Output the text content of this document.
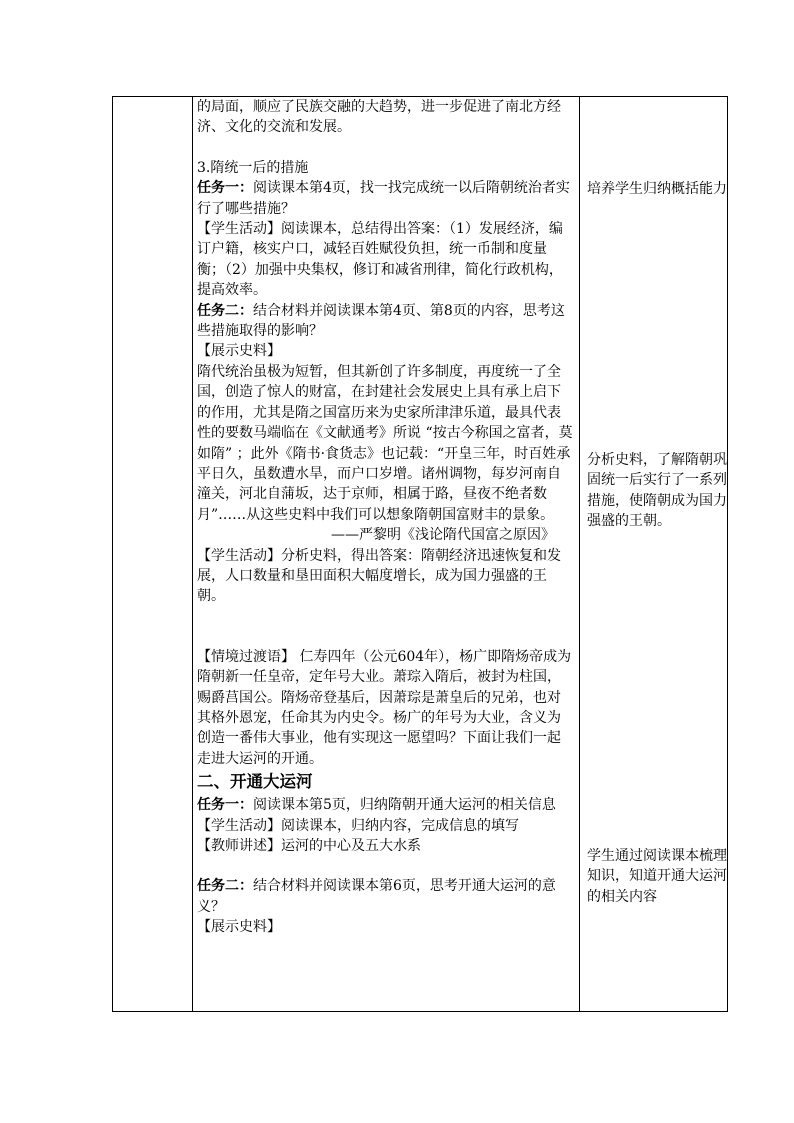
的局面，顺应了民族交融的大趋势，进一步促进了南北方经济、文化的交流和发展。

3.隋统一后的措施

任务一：阅读课本第4页，找一找完成统一以后隋朝统治者实行了哪些措施？

【学生活动】阅读课本，总结得出答案：（1）发展经济，编订户籍，核实户口，减轻百姓赋役负担，统一币制和度量衡；（2）加强中央集权，修订和减省刑律，简化行政机构，提高效率。

任务二：结合材料并阅读课本第4页、第8页的内容，思考这些措施取得的影响？

【展示史料】

隋代统治虽极为短暂，但其新创了许多制度，再度统一了全国，创造了惊人的财富，在封建社会发展史上具有承上启下的作用，尤其是隋之国富历来为史家所津津乐道，最具代表性的要数马端临在《文献通考》所说 “按古今称国之富者，莫如隋” ；此外《隋书·食货志》也记载：“开皇三年，时百姓承平日久，虽数遭水旱，而户口岁增。诸州调物，每岁河南自潼关，河北自蒲坂，达于京师，相属于路，昼夜不绝者数月”……从这些史料中我们可以想象隋朝国富财丰的景象。

——严黎明《浅论隋代国富之原因》

【学生活动】分析史料，得出答案：隋朝经济迅速恢复和发展，人口数量和垦田面积大幅度增长，成为国力强盛的王朝。

【情境过渡语】 仁寿四年（公元604年），杨广即隋炀帝成为隋朝新一任皇帝，定年号大业。萧琮入隋后，被封为柱国，赐爵莒国公。隋炀帝登基后，因萧琮是萧皇后的兄弟，也对其格外恩宠，任命其为内史令。杨广的年号为大业，含义为创造一番伟大事业，他有实现这一愿望吗？下面让我们一起走进大运河的开通。

二、开通大运河

任务一：阅读课本第5页，归纳隋朝开通大运河的相关信息

【学生活动】阅读课本，归纳内容，完成信息的填写

【教师讲述】运河的中心及五大水系

任务二：结合材料并阅读课本第6页，思考开通大运河的意义？

【展示史料】

培养学生归纳概括能力
分析史料，了解隋朝巩固统一后实行了一系列措施，使隋朝成为国力强盛的王朝。
学生通过阅读课本梳理知识，知道开通大运河的相关内容
